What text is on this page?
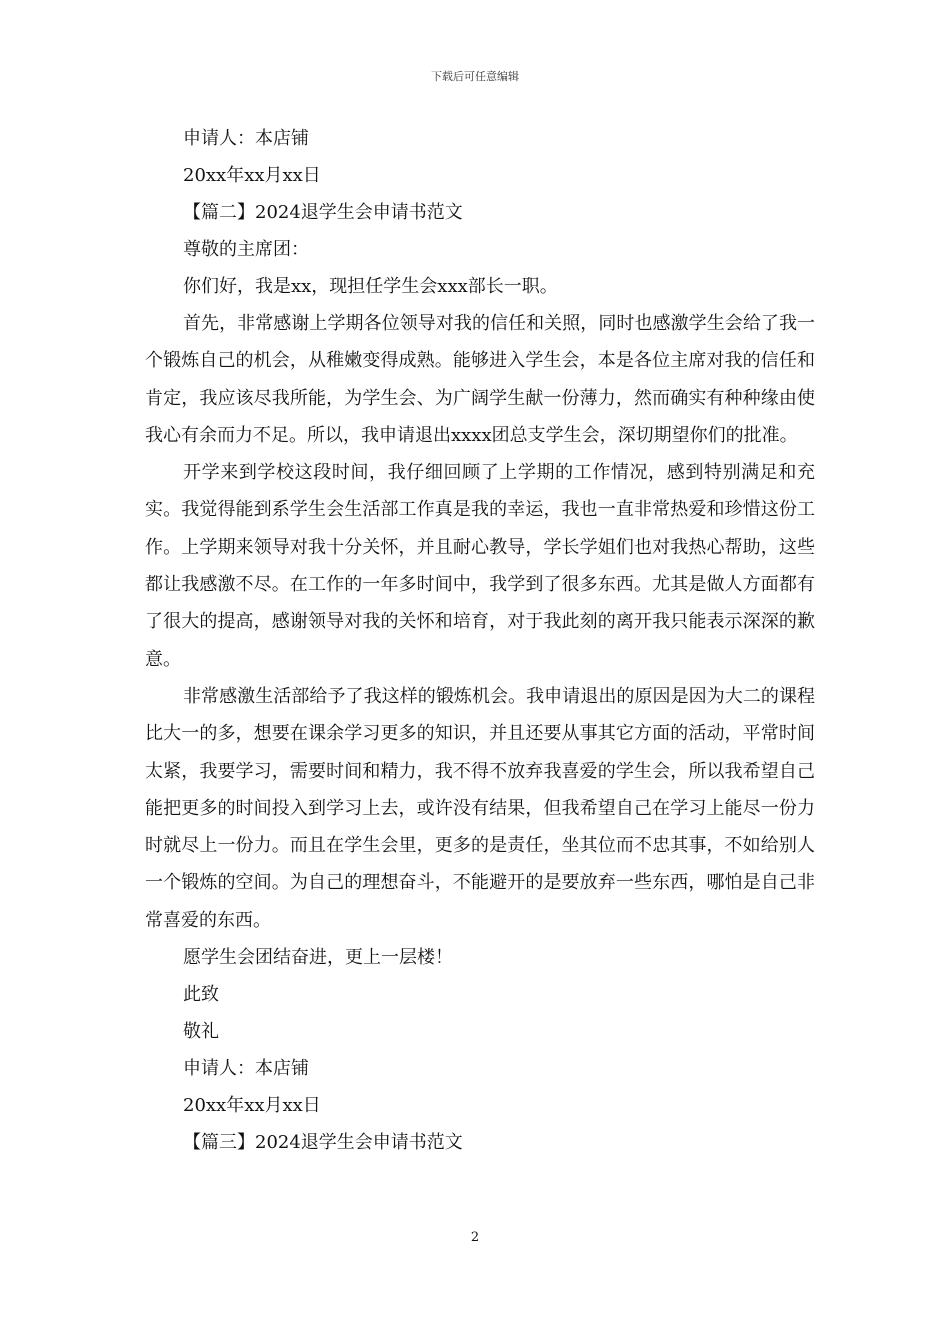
下载后可任意编辑
申请人：本店铺
20xx年xx月xx日
【篇二】2024退学生会申请书范文
尊敬的主席团：
你们好，我是xx，现担任学生会xxx部长一职。

首先，非常感谢上学期各位领导对我的信任和关照，同时也感激学生会给了我一个锻炼自己的机会，从稚嫩变得成熟。能够进入学生会，本是各位主席对我的信任和肯定，我应该尽我所能，为学生会、为广阔学生献一份薄力，然而确实有种种缘由使我心有余而力不足。所以，我申请退出xxxx团总支学生会，深切期望你们的批准。

开学来到学校这段时间，我仔细回顾了上学期的工作情况，感到特别满足和充实。我觉得能到系学生会生活部工作真是我的幸运，我也一直非常热爱和珍惜这份工作。上学期来领导对我十分关怀，并且耐心教导，学长学姐们也对我热心帮助，这些都让我感激不尽。在工作的一年多时间中，我学到了很多东西。尤其是做人方面都有了很大的提高，感谢领导对我的关怀和培育，对于我此刻的离开我只能表示深深的歉意。

非常感激生活部给予了我这样的锻炼机会。我申请退出的原因是因为大二的课程比大一的多，想要在课余学习更多的知识，并且还要从事其它方面的活动，平常时间太紧，我要学习，需要时间和精力，我不得不放弃我喜爱的学生会，所以我希望自己能把更多的时间投入到学习上去，或许没有结果，但我希望自己在学习上能尽一份力时就尽上一份力。而且在学生会里，更多的是责任，坐其位而不忠其事，不如给别人一个锻炼的空间。为自己的理想奋斗，不能避开的是要放弃一些东西，哪怕是自己非常喜爱的东西。

愿学生会团结奋进，更上一层楼！
此致
敬礼
申请人：本店铺
20xx年xx月xx日
【篇三】2024退学生会申请书范文
2
